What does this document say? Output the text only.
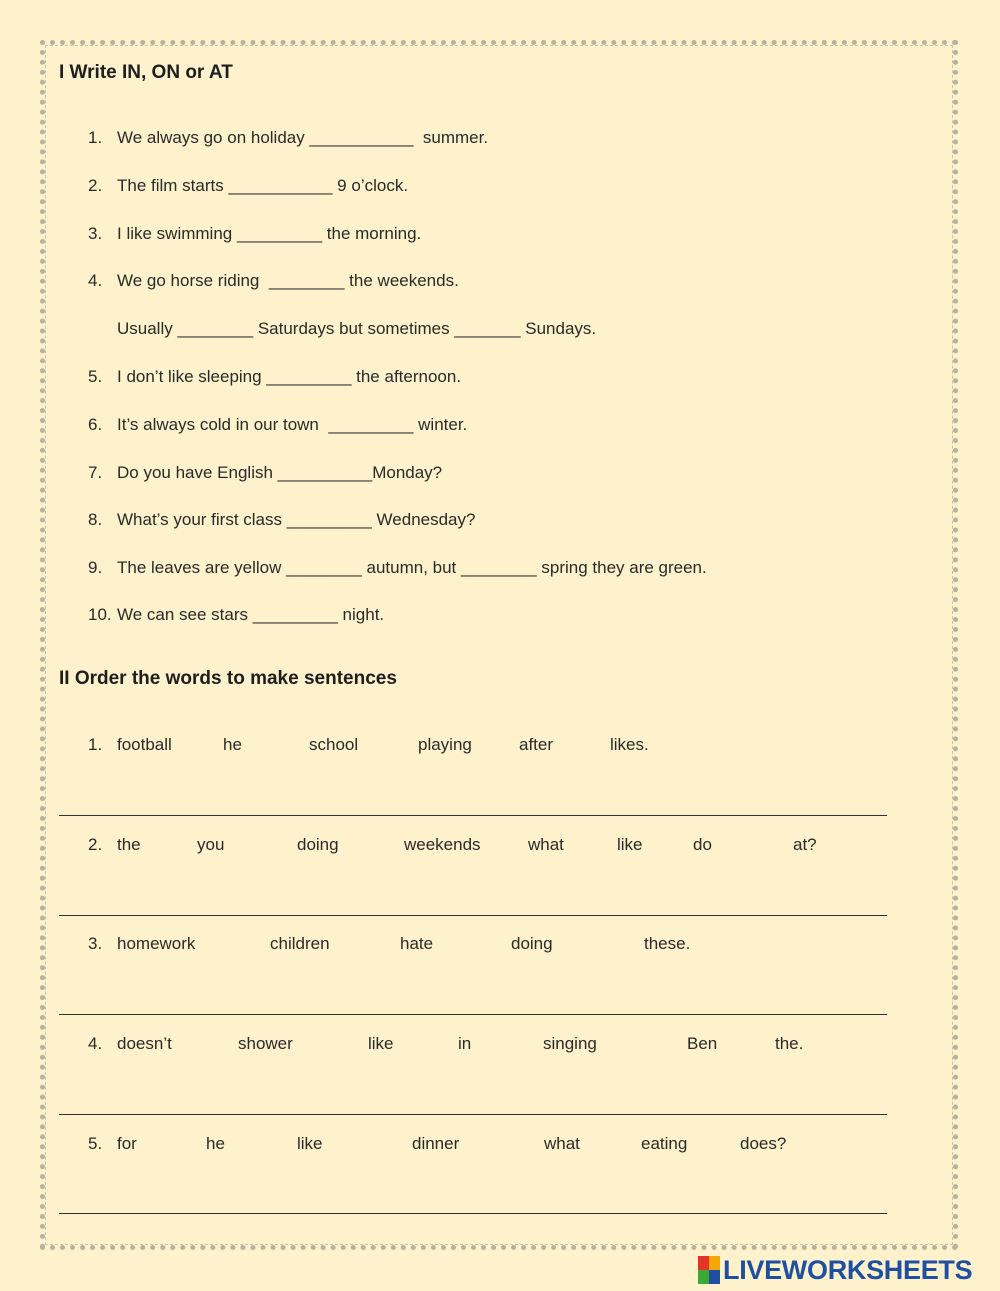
I Write IN, ON or AT
1. We always go on holiday ___________  summer.
2. The film starts ___________ 9 o’clock.
3. I like swimming _________ the morning.
4. We go horse riding  ________ the weekends.
Usually ________ Saturdays but sometimes _______ Sundays.
5. I don’t like sleeping _________ the afternoon.
6. It’s always cold in our town  _________ winter.
7. Do you have English __________Monday?
8. What’s your first class _________ Wednesday?
9. The leaves are yellow ________ autumn, but ________ spring they are green.
10. We can see stars _________ night.
II Order the words to make sentences
1. football	he	school	playing	after	likes.
2. the	you	doing	weekends	what	like	do	at?
3. homework	children	hate	doing	these.
4. doesn’t	shower	like	in	singing	Ben	the.
5. for	he	like	dinner	what	eating	does?
LIVEWORKSHEETS
